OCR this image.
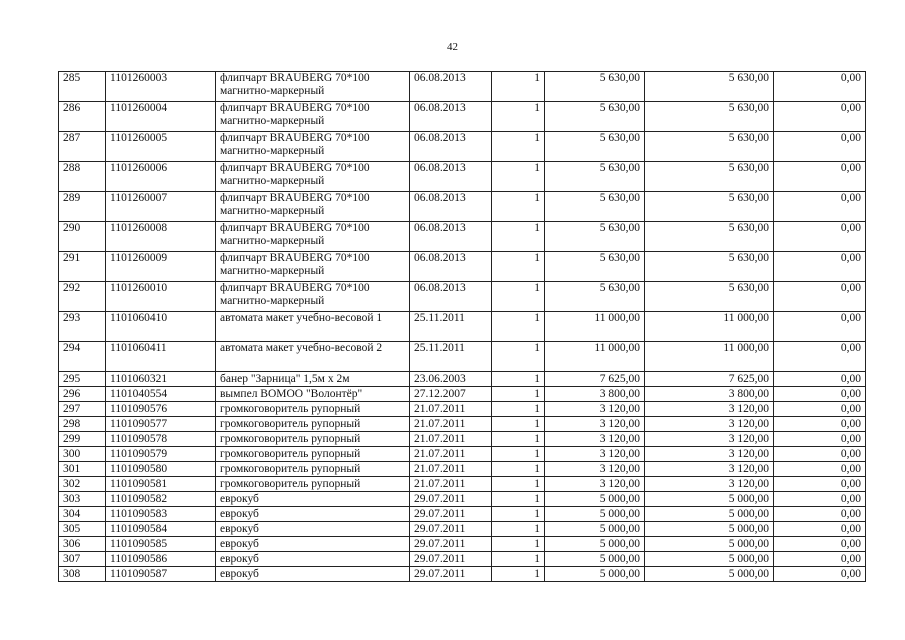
42
285	1101260003	флипчарт BRAUBERG 70*100 магнитно-маркерный	06.08.2013	1	5 630,00	5 630,00	0,00
286	1101260004	флипчарт BRAUBERG 70*100 магнитно-маркерный	06.08.2013	1	5 630,00	5 630,00	0,00
287	1101260005	флипчарт BRAUBERG 70*100 магнитно-маркерный	06.08.2013	1	5 630,00	5 630,00	0,00
288	1101260006	флипчарт BRAUBERG 70*100 магнитно-маркерный	06.08.2013	1	5 630,00	5 630,00	0,00
289	1101260007	флипчарт BRAUBERG 70*100 магнитно-маркерный	06.08.2013	1	5 630,00	5 630,00	0,00
290	1101260008	флипчарт BRAUBERG 70*100 магнитно-маркерный	06.08.2013	1	5 630,00	5 630,00	0,00
291	1101260009	флипчарт BRAUBERG 70*100 магнитно-маркерный	06.08.2013	1	5 630,00	5 630,00	0,00
292	1101260010	флипчарт BRAUBERG 70*100 магнитно-маркерный	06.08.2013	1	5 630,00	5 630,00	0,00
293	1101060410	автомата макет учебно-весовой 1	25.11.2011	1	11 000,00	11 000,00	0,00
294	1101060411	автомата макет учебно-весовой 2	25.11.2011	1	11 000,00	11 000,00	0,00
295	1101060321	банер "Зарница" 1,5м х 2м	23.06.2003	1	7 625,00	7 625,00	0,00
296	1101040554	вымпел ВОМОО "Волонтёр"	27.12.2007	1	3 800,00	3 800,00	0,00
297	1101090576	громкоговоритель рупорный	21.07.2011	1	3 120,00	3 120,00	0,00
298	1101090577	громкоговоритель рупорный	21.07.2011	1	3 120,00	3 120,00	0,00
299	1101090578	громкоговоритель рупорный	21.07.2011	1	3 120,00	3 120,00	0,00
300	1101090579	громкоговоритель рупорный	21.07.2011	1	3 120,00	3 120,00	0,00
301	1101090580	громкоговоритель рупорный	21.07.2011	1	3 120,00	3 120,00	0,00
302	1101090581	громкоговоритель рупорный	21.07.2011	1	3 120,00	3 120,00	0,00
303	1101090582	еврокуб	29.07.2011	1	5 000,00	5 000,00	0,00
304	1101090583	еврокуб	29.07.2011	1	5 000,00	5 000,00	0,00
305	1101090584	еврокуб	29.07.2011	1	5 000,00	5 000,00	0,00
306	1101090585	еврокуб	29.07.2011	1	5 000,00	5 000,00	0,00
307	1101090586	еврокуб	29.07.2011	1	5 000,00	5 000,00	0,00
308	1101090587	еврокуб	29.07.2011	1	5 000,00	5 000,00	0,00
